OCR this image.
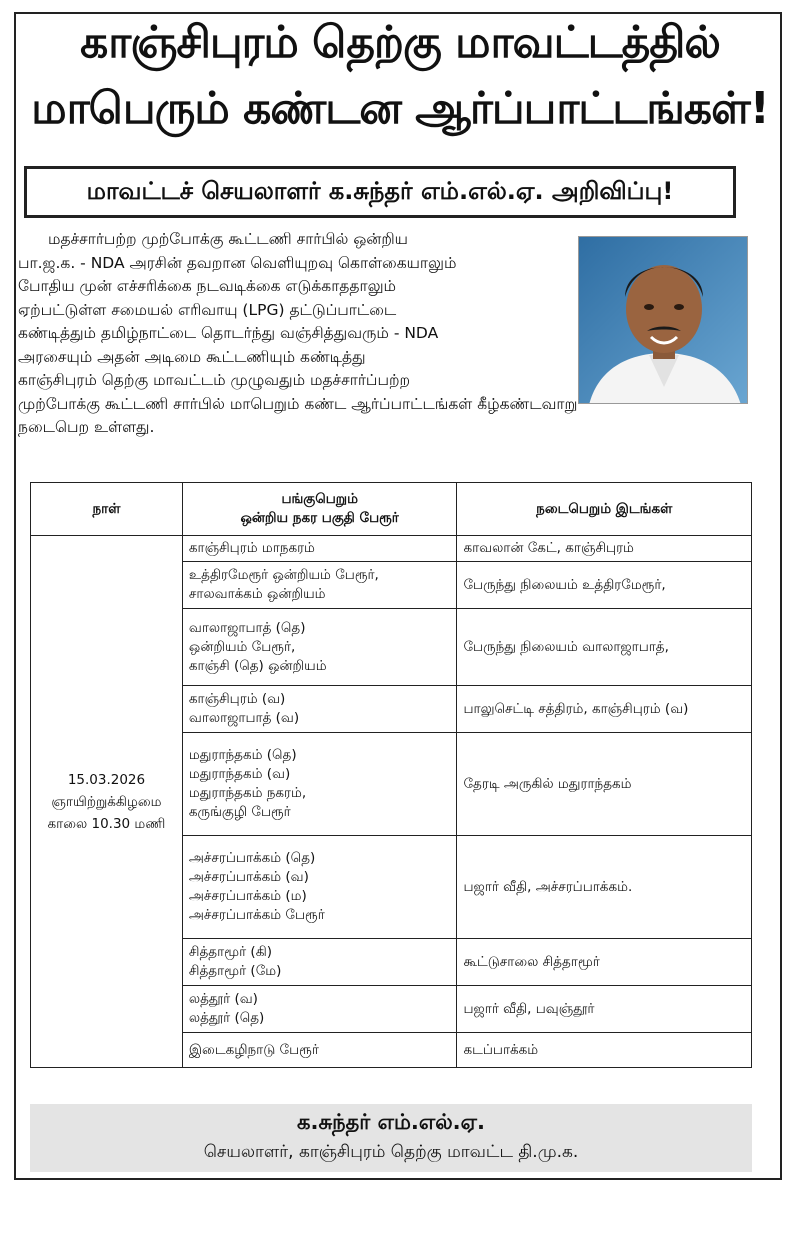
காஞ்சிபுரம் தெற்கு மாவட்டத்தில்
மாபெரும் கண்டன ஆர்ப்பாட்டங்கள்!
மாவட்டச் செயலாளர் க.சுந்தர் எம்.எல்.ஏ. அறிவிப்பு!
மதச்சார்பற்ற முற்போக்கு கூட்டணி சார்பில் ஒன்றிய
பா.ஜ.க. - NDA அரசின் தவறான வெளியுறவு கொள்கையாலும்
போதிய முன் எச்சரிக்கை நடவடிக்கை எடுக்காததாலும்
ஏற்பட்டுள்ள சமையல் எரிவாயு (LPG) தட்டுப்பாட்டை
கண்டித்தும் தமிழ்நாட்டை தொடர்ந்து வஞ்சித்துவரும் - NDA
அரசையும் அதன் அடிமை கூட்டணியும் கண்டித்து
காஞ்சிபுரம் தெற்கு மாவட்டம் முழுவதும் மதச்சார்ப்பற்ற
முற்போக்கு கூட்டணி சார்பில் மாபெறும் கண்ட ஆர்ப்பாட்டங்கள் கீழ்கண்டவாறு
நடைபெற உள்ளது.
நாள்	பங்குபெறும்
ஒன்றிய நகர பகுதி பேரூர்	நடைபெறும் இடங்கள்

15.03.2026
ஞாயிற்றுக்கிழமை
காலை 10.30 மணி	காஞ்சிபுரம் மாநகரம்	காவலான் கேட், காஞ்சிபுரம்

	உத்திரமேரூர் ஒன்றியம் பேரூர்,
சாலவாக்கம் ஒன்றியம்	பேருந்து நிலையம் உத்திரமேரூர்,

	வாலாஜாபாத் (தெ)
ஒன்றியம் பேரூர்,
காஞ்சி (தெ) ஒன்றியம்	பேருந்து நிலையம் வாலாஜாபாத்,

	காஞ்சிபுரம் (வ)
வாலாஜாபாத் (வ)	பாலுசெட்டி சத்திரம், காஞ்சிபுரம் (வ)

	மதுராந்தகம் (தெ)
மதுராந்தகம் (வ)
மதுராந்தகம் நகரம்,
கருங்குழி பேரூர்	தேரடி அருகில் மதுராந்தகம்

	அச்சரப்பாக்கம் (தெ)
அச்சரப்பாக்கம் (வ)
அச்சரப்பாக்கம் (ம)
அச்சரப்பாக்கம் பேரூர்	பஜார் வீதி, அச்சரப்பாக்கம்.

	சித்தாமூர் (கி)
சித்தாமூர் (மே)	கூட்டுசாலை சித்தாமூர்

	லத்தூர் (வ)
லத்தூர் (தெ)	பஜார் வீதி, பவுஞ்தூர்

	இடைகழிநாடு பேரூர்	கடப்பாக்கம்
க.சுந்தர் எம்.எல்.ஏ.
செயலாளர், காஞ்சிபுரம் தெற்கு மாவட்ட தி.மு.க.
